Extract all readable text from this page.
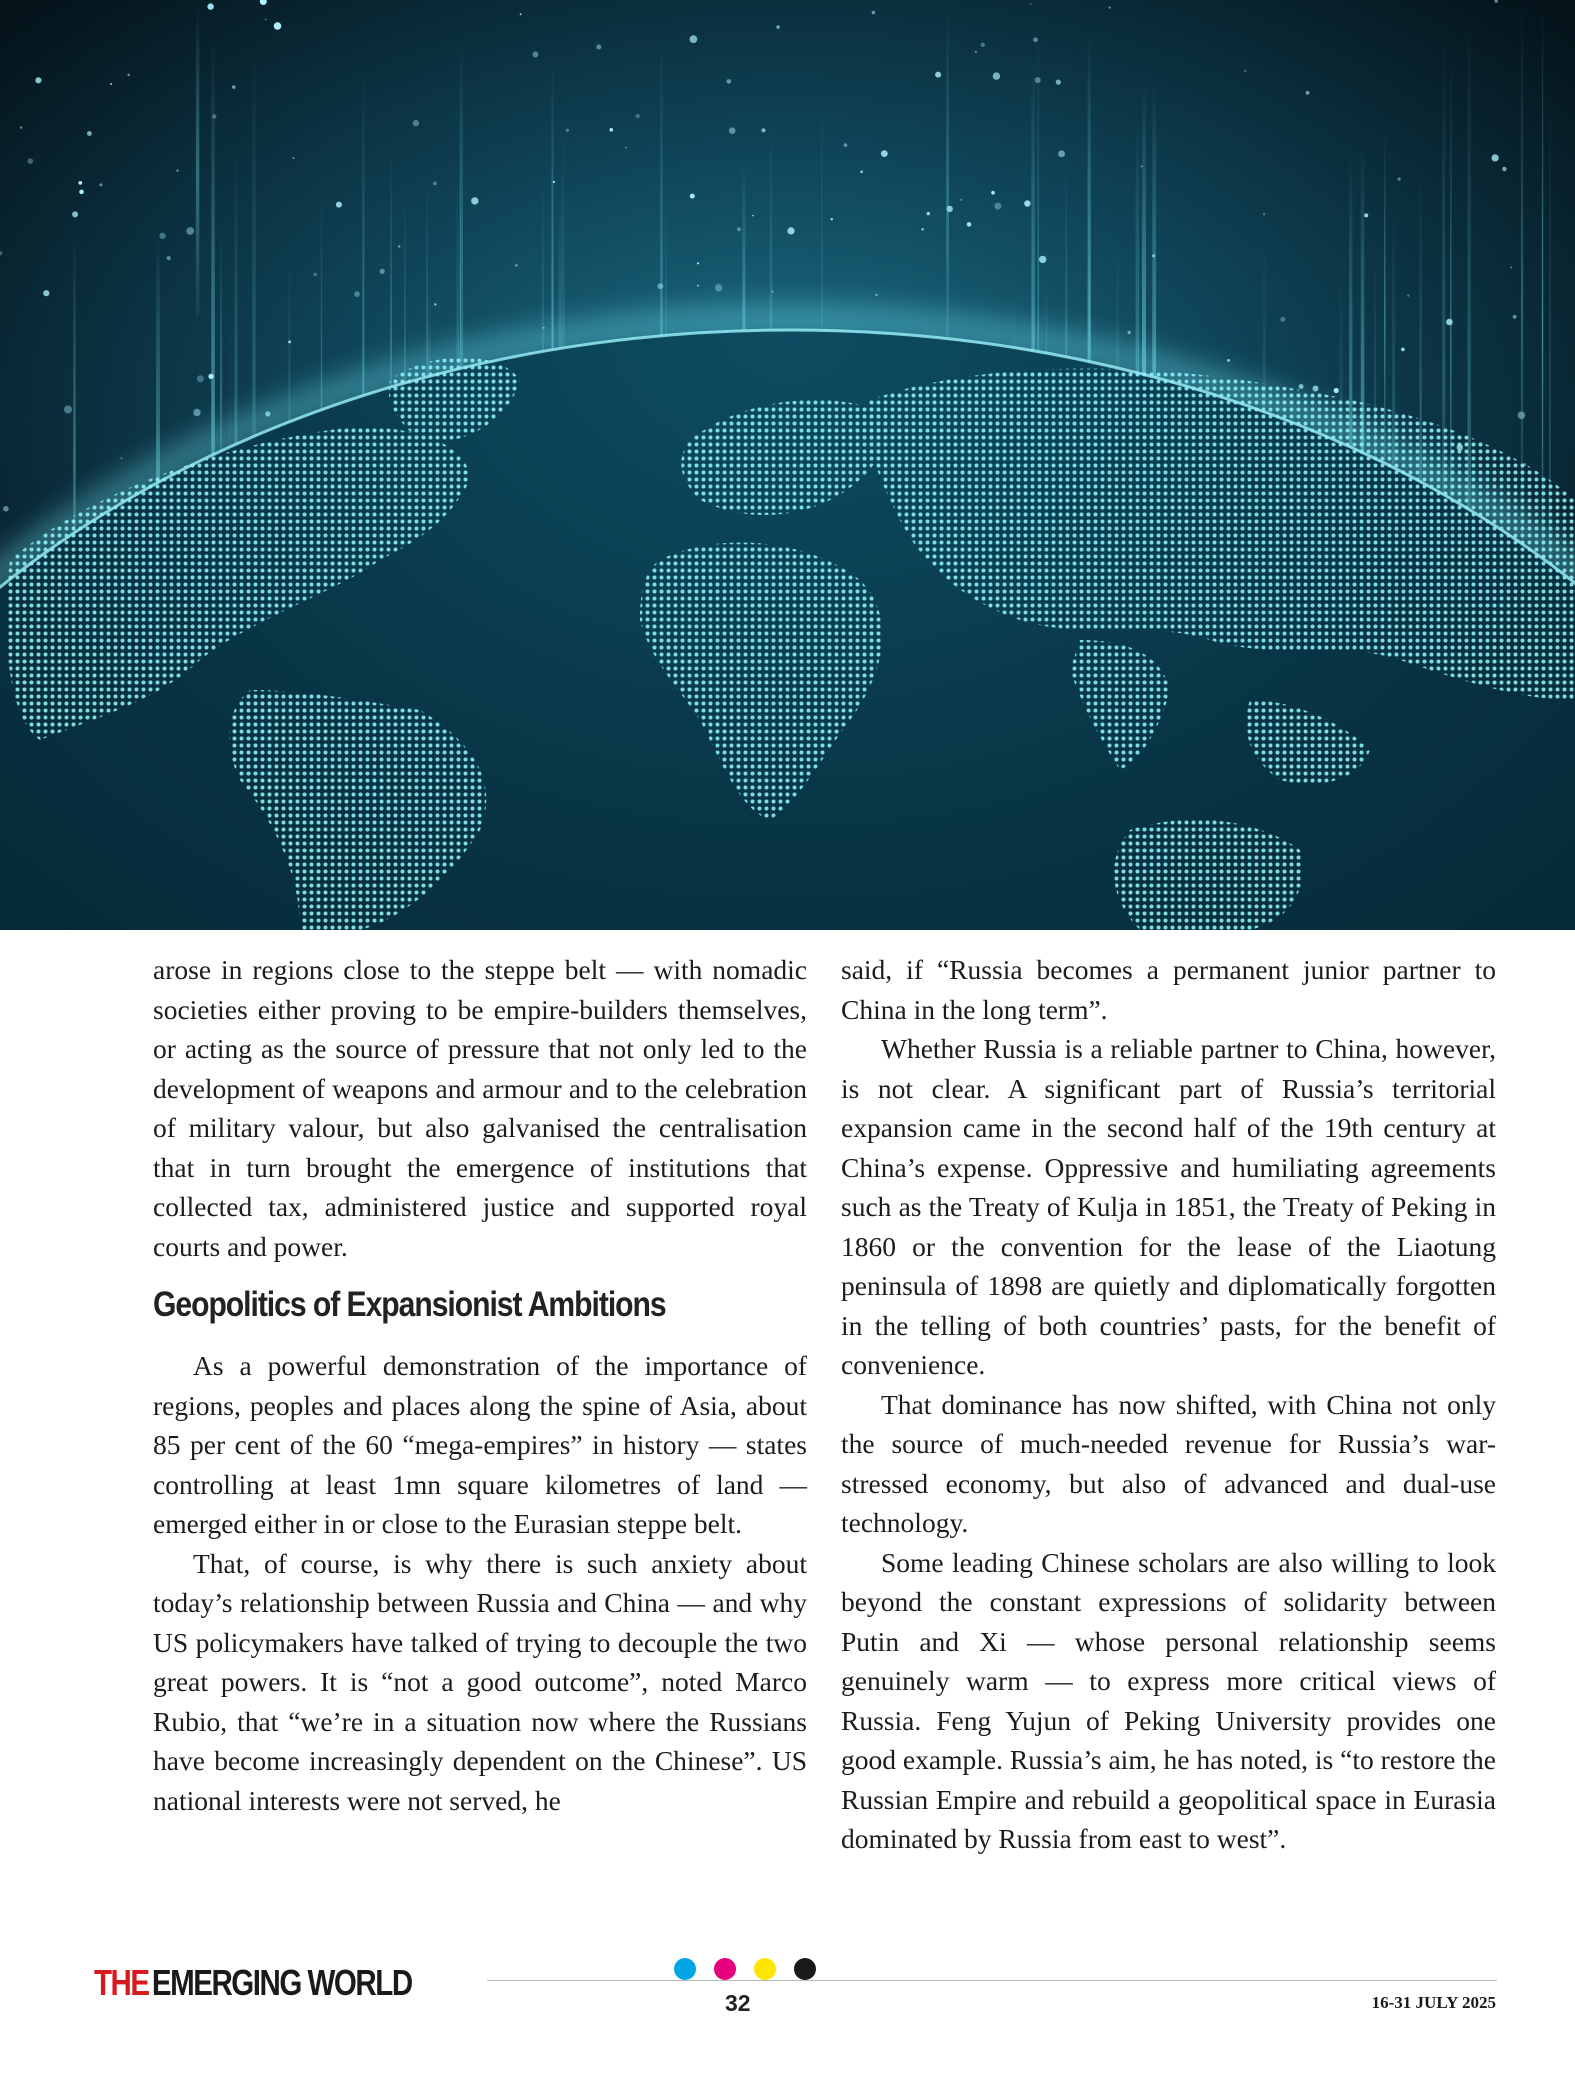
arose in regions close to the steppe belt — with nomadic societies either proving to be empire-builders themselves, or acting as the source of pressure that not only led to the development of weapons and armour and to the celebration of military valour, but also galvanised the centralisation that in turn brought the emergence of institutions that collected tax, administered justice and supported royal courts and power.

Geopolitics of Expansionist Ambitions

As a powerful demonstration of the importance of regions, peoples and places along the spine of Asia, about 85 per cent of the 60 “mega-empires” in history — states controlling at least 1mn square kilometres of land — emerged either in or close to the Eurasian steppe belt.

That, of course, is why there is such anxiety about today’s relationship between Russia and China — and why US policymakers have talked of trying to decouple the two great powers. It is “not a good outcome”, noted Marco Rubio, that “we’re in a situation now where the Russians have become increasingly dependent on the Chinese”. US national interests were not served, he

said, if “Russia becomes a permanent junior partner to China in the long term”.

Whether Russia is a reliable partner to China, however, is not clear. A significant part of Russia’s territorial expansion came in the second half of the 19th century at China’s expense. Oppressive and humiliating agreements such as the Treaty of Kulja in 1851, the Treaty of Peking in 1860 or the convention for the lease of the Liaotung peninsula of 1898 are quietly and diplomatically forgotten in the telling of both countries’ pasts, for the benefit of convenience.

That dominance has now shifted, with China not only the source of much-needed revenue for Russia’s war-stressed economy, but also of advanced and dual-use technology.

Some leading Chinese scholars are also willing to look beyond the constant expressions of solidarity between Putin and Xi — whose personal relationship seems genuinely warm — to express more critical views of Russia. Feng Yujun of Peking University provides one good example. Russia’s aim, he has noted, is “to restore the Russian Empire and rebuild a geopolitical space in Eurasia dominated by Russia from east to west”.

THEEMERGING WORLD	32	16-31 JULY 2025
